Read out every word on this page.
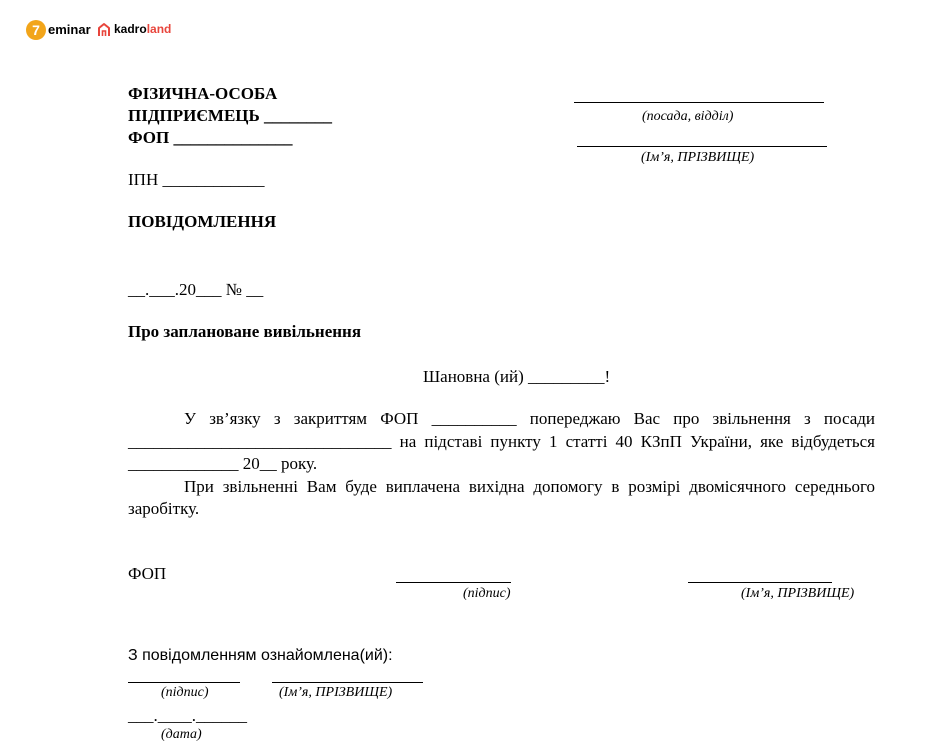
7 eminar kadroland
ФІЗИЧНА-ОСОБА
ПІДПРИЄМЕЦЬ ________
ФОП ______________
ІПН ____________
(посада, відділ)
(Ім’я, ПРІЗВИЩЕ)
ПОВІДОМЛЕННЯ
__.___.20___ № __
Про заплановане вивільнення
Шановна (ий) _________!

У зв’язку з закриттям ФОП __________ попереджаю Вас про звільнення з посади _______________________________ на підставі пункту 1 статті 40 КЗпП України, яке відбудеться _____________ 20__ року.

При звільненні Вам буде виплачена вихідна допомогу в розмірі двомісячного середнього заробітку.

ФОП
(підпис)	(Ім’я, ПРІЗВИЩЕ)
З повідомленням ознайомлена(ий):
(підпис)	(Ім’я, ПРІЗВИЩЕ)
___.____.______
(дата)
